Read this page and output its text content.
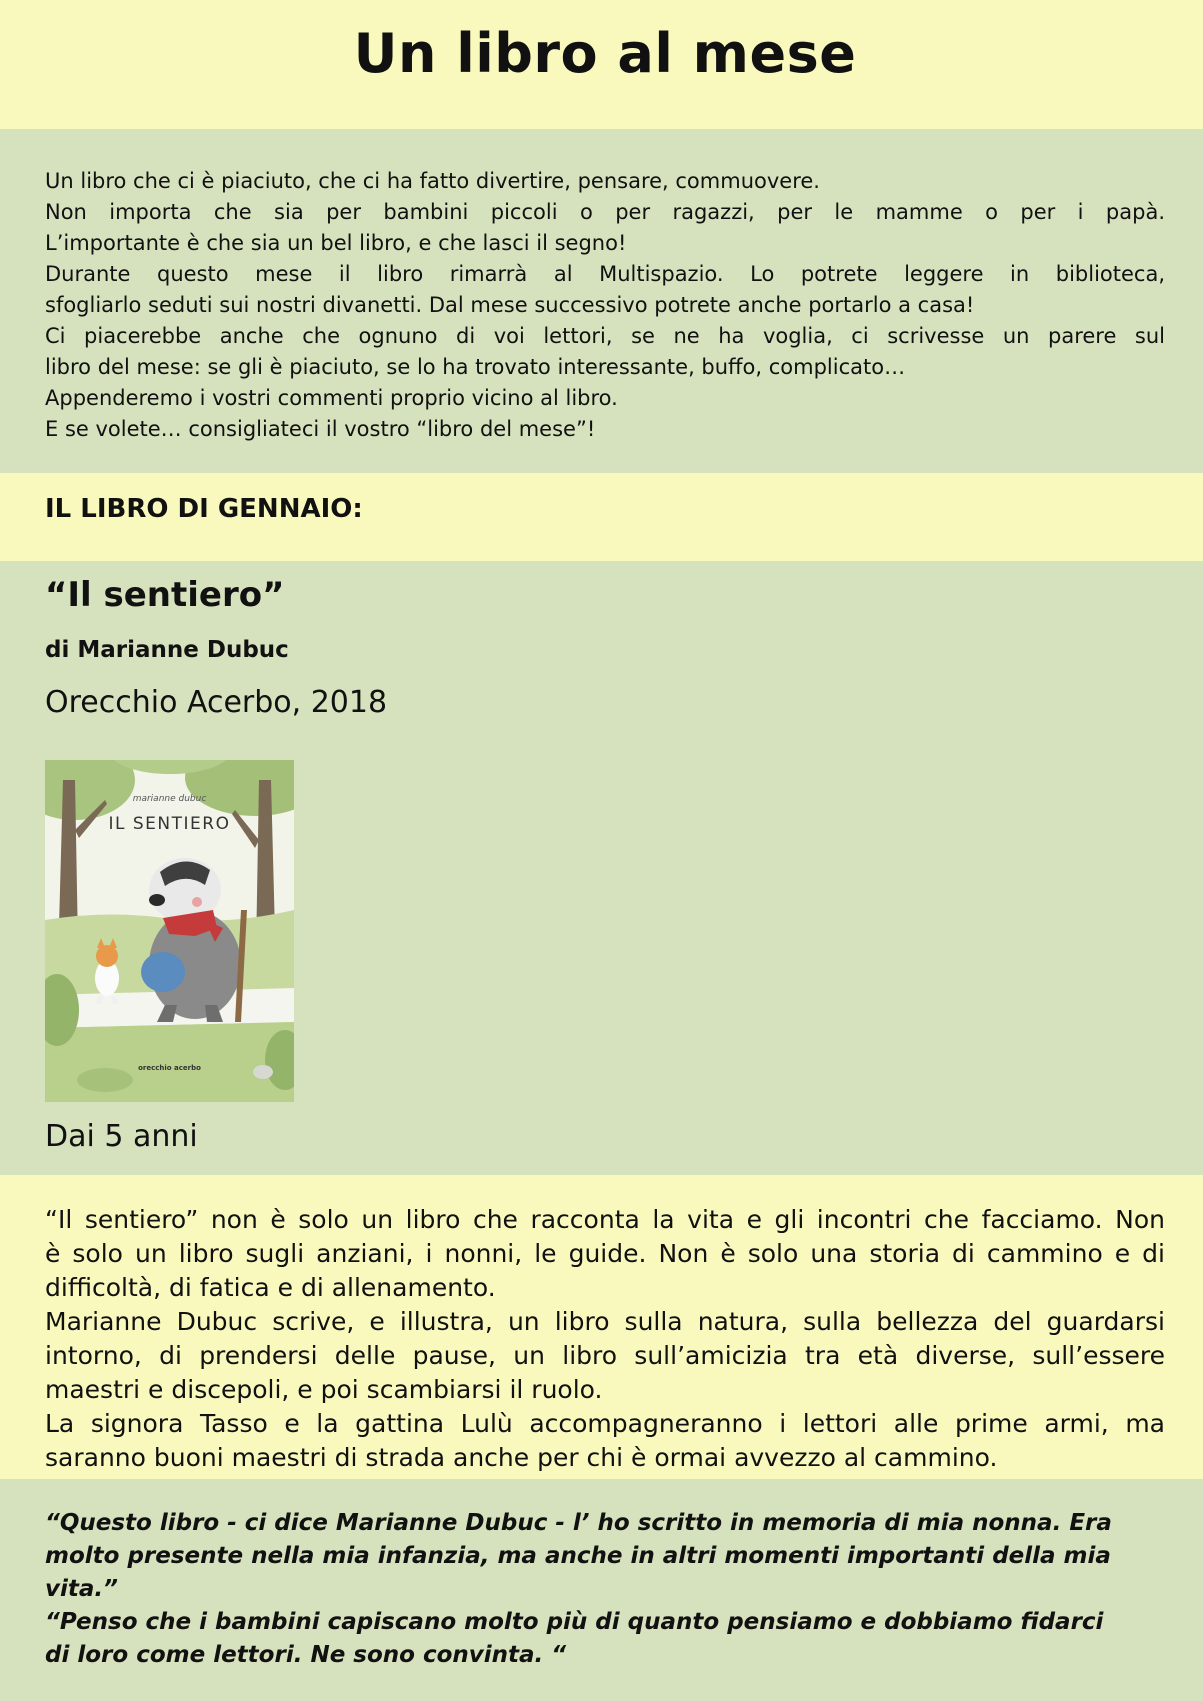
Un libro al mese

Un libro che ci è piaciuto, che ci ha fatto divertire, pensare, commuovere.

Non importa che sia per bambini piccoli o per ragazzi, per le mamme o per i papà.

L’importante è che sia un bel libro, e che lasci il segno!

Durante questo mese il libro rimarrà al Multispazio. Lo potrete leggere in biblioteca,

sfogliarlo seduti sui nostri divanetti. Dal mese successivo potrete anche portarlo a casa!

Ci piacerebbe anche che ognuno di voi lettori, se ne ha voglia, ci scrivesse un parere sul

libro del mese: se gli è piaciuto, se lo ha trovato interessante, buffo, complicato…

Appenderemo i vostri commenti proprio vicino al libro.

E se volete… consigliateci il vostro “libro del mese”!

IL LIBRO DI GENNAIO:

“Il sentiero”

di Marianne Dubuc

Orecchio Acerbo, 2018

marianne dubuc
IL SENTIERO
orecchio acerbo

Dai 5 anni

“Il sentiero” non è solo un libro che racconta la vita e gli incontri che facciamo. Non

è solo un libro sugli anziani, i nonni, le guide. Non è solo una storia di cammino e di

difficoltà, di fatica e di allenamento.

Marianne Dubuc scrive, e illustra, un libro sulla natura, sulla bellezza del guardarsi

intorno, di prendersi delle pause, un libro sull’amicizia tra età diverse, sull’essere

maestri e discepoli, e poi scambiarsi il ruolo.

La signora Tasso e la gattina Lulù accompagneranno i lettori alle prime armi, ma

saranno buoni maestri di strada anche per chi è ormai avvezzo al cammino.

“Questo libro - ci dice Marianne Dubuc - l’ ho scritto in memoria di mia nonna. Era

molto presente nella mia infanzia, ma anche in altri momenti importanti della mia

vita.”

“Penso che i bambini capiscano molto più di quanto pensiamo e dobbiamo fidarci

di loro come lettori. Ne sono convinta. “
